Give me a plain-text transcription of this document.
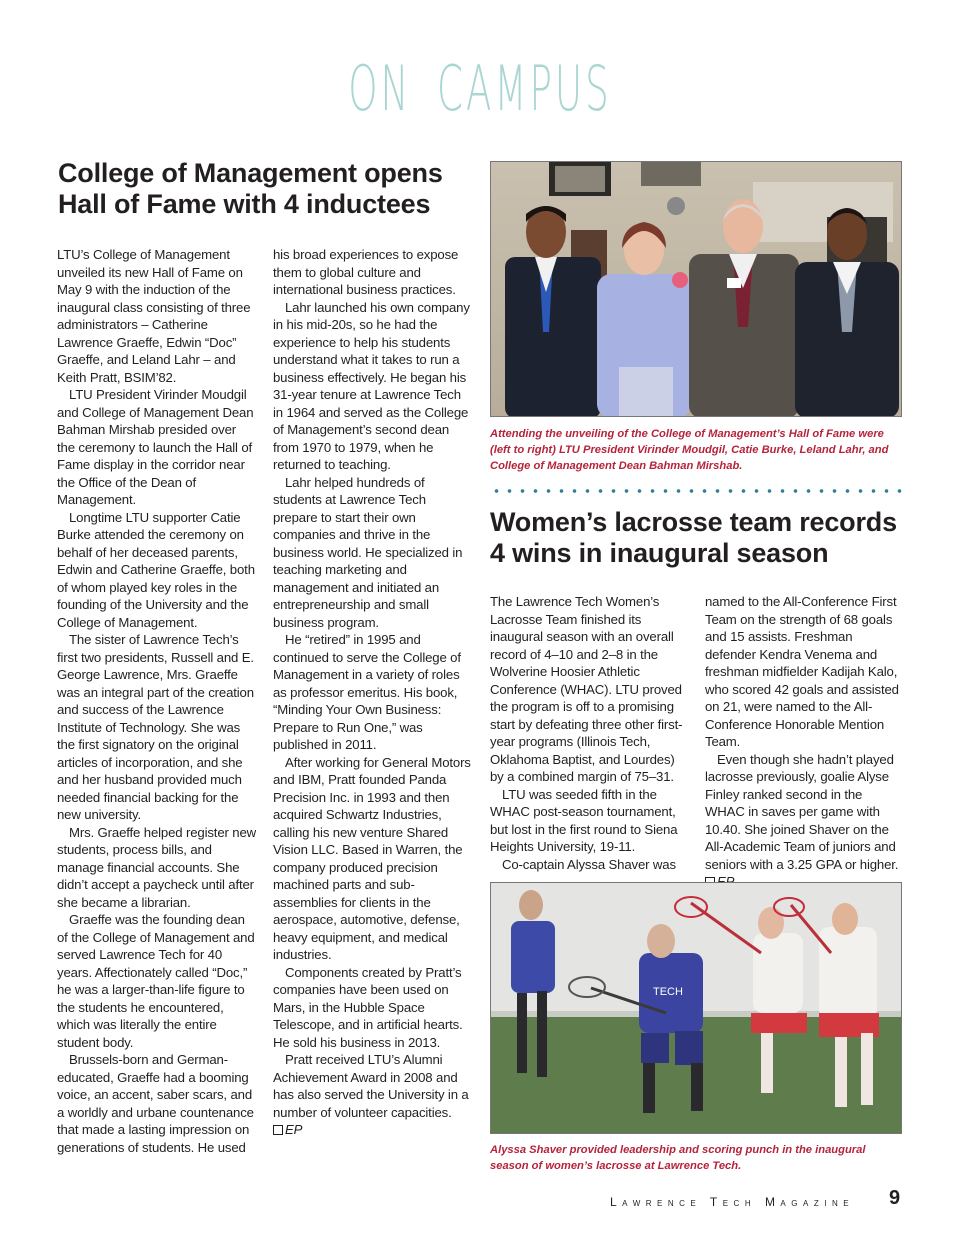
ON CAMPUS
College of Management opens
Hall of Fame with 4 inductees

LTU’s College of Management unveiled its new Hall of Fame on May 9 with the induction of the inaugural class consisting of three administrators – Catherine Lawrence Graeffe, Edwin “Doc” Graeffe, and Leland Lahr – and Keith Pratt, BSIM’82.

LTU President Virinder Moudgil and College of Management Dean Bahman Mirshab presided over the ceremony to launch the Hall of Fame display in the corridor near the Office of the Dean of Management.

Longtime LTU supporter Catie Burke attended the ceremony on behalf of her deceased parents, Edwin and Catherine Graeffe, both of whom played key roles in the founding of the University and the College of Management.

The sister of Lawrence Tech’s first two presidents, Russell and E. George Lawrence, Mrs. Graeffe was an integral part of the creation and success of the Lawrence Institute of Technology. She was the first signatory on the original articles of incorporation, and she and her husband provided much needed financial backing for the new university.

Mrs. Graeffe helped register new students, process bills, and manage financial accounts. She didn’t accept a paycheck until after she became a librarian.

Graeffe was the founding dean of the College of Management and served Lawrence Tech for 40 years. Affectionately called “Doc,” he was a larger-than-life figure to the students he encountered, which was literally the entire student body.

Brussels-born and German-educated, Graeffe had a booming voice, an accent, saber scars, and a worldly and urbane countenance that made a lasting impression on generations of students. He used

his broad experiences to expose them to global culture and international business practices.

Lahr launched his own company in his mid-20s, so he had the experience to help his students understand what it takes to run a business effectively. He began his 31-year tenure at Lawrence Tech in 1964 and served as the College of Management’s second dean from 1970 to 1979, when he returned to teaching.

Lahr helped hundreds of students at Lawrence Tech prepare to start their own companies and thrive in the business world. He specialized in teaching marketing and management and initiated an entrepreneurship and small business program.

He “retired” in 1995 and continued to serve the College of Management in a variety of roles as professor emeritus. His book, “Minding Your Own Business: Prepare to Run One,” was published in 2011.

After working for General Motors and IBM, Pratt founded Panda Precision Inc. in 1993 and then acquired Schwartz Industries, calling his new venture Shared Vision LLC. Based in Warren, the company produced precision machined parts and sub-assemblies for clients in the aerospace, automotive, defense, heavy equipment, and medical industries.

Components created by Pratt’s companies have been used on Mars, in the Hubble Space Telescope, and in artificial hearts. He sold his business in 2013.

Pratt received LTU’s Alumni Achievement Award in 2008 and has also served the University in a number of volunteer capacities.

EP

Attending the unveiling of the College of Management’s Hall of Fame were (left to right) LTU President Virinder Moudgil, Catie Burke, Leland Lahr, and College of Management Dean Bahman Mirshab.
Women’s lacrosse team records
4 wins in inaugural season

The Lawrence Tech Women’s Lacrosse Team finished its inaugural season with an overall record of 4–10 and 2–8 in the Wolverine Hoosier Athletic Conference (WHAC). LTU proved the program is off to a promising start by defeating three other first-year programs (Illinois Tech, Oklahoma Baptist, and Lourdes) by a combined margin of 75–31.

LTU was seeded fifth in the WHAC post-season tournament, but lost in the first round to Siena Heights University, 19-11.

Co-captain Alyssa Shaver was

named to the All-Conference First Team on the strength of 68 goals and 15 assists. Freshman defender Kendra Venema and freshman midfielder Kadijah Kalo, who scored 42 goals and assisted on 21, were named to the All-Conference Honorable Mention Team.

Even though she hadn’t played lacrosse previously, goalie Alyse Finley ranked second in the WHAC in saves per game with 10.40. She joined Shaver on the All-Academic Team of juniors and seniors with a 3.25 GPA or higher.

TECH
Alyssa Shaver provided leadership and scoring punch in the inaugural season of women’s lacrosse at Lawrence Tech.
Lawrence Tech Magazine	9
